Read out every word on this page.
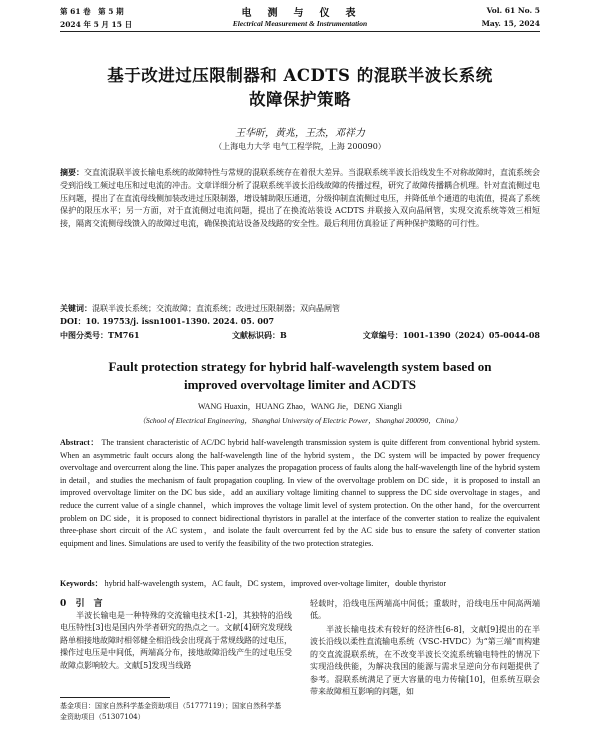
第 61 卷　第 5 期	电　测　与　仪　表	Vol. 61 No. 5
2024 年 5 月 15 日	Electrical Measurement & Instrumentation	May. 15, 2024
基于改进过压限制器和 ACDTS 的混联半波长系统
故障保护策略
王华昕，黄兆，王杰，邓祥力
（上海电力大学 电气工程学院，上海 200090）
摘要：交直流混联半波长输电系统的故障特性与常规的混联系统存在着很大差异。当混联系统半波长沿线发生不对称故障时，直流系统会受到沿线工频过电压和过电流的冲击。文章详细分析了混联系统半波长沿线故障的传播过程，研究了故障传播耦合机理。针对直流侧过电压问题，提出了在直流母线侧加装改进过压限制器，增设辅助限压通道，分级抑制直流侧过电压，并降低单个通道的电流值，提高了系统保护的限压水平；另一方面，对于直流侧过电流问题，提出了在换流站装设 ACDTS 并联接入双向晶闸管，实现交流系统等效三相短接，隔离交流侧母线馈入的故障过电流，确保换流站设备及线路的安全性。最后利用仿真验证了两种保护策略的可行性。
关键词：混联半波长系统；交流故障；直流系统；改进过压限制器；双向晶闸管
DOI：10. 19753/j. issn1001-1390. 2024. 05. 007
中图分类号：TM761	文献标识码：B	文章编号：1001-1390（2024）05-0044-08
Fault protection strategy for hybrid half-wavelength system based on
improved overvoltage limiter and ACDTS
WANG Huaxin，HUANG Zhao，WANG Jie，DENG Xiangli
（School of Electrical Engineering，Shanghai University of Electric Power，Shanghai 200090，China）
Abstract： The transient characteristic of AC/DC hybrid half-wavelength transmission system is quite different from conventional hybrid system. When an asymmetric fault occurs along the half-wavelength line of the hybrid system，the DC system will be impacted by power frequency overvoltage and overcurrent along the line. This paper analyzes the propagation process of faults along the half-wavelength line of the hybrid system in detail，and studies the mechanism of fault propagation coupling. In view of the overvoltage problem on DC side，it is proposed to install an improved overvoltage limiter on the DC bus side，add an auxiliary voltage limiting channel to suppress the DC side overvoltage in stages，and reduce the current value of a single channel，which improves the voltage limit level of system protection. On the other hand，for the overcurrent problem on DC side，it is proposed to connect bidirectional thyristors in parallel at the interface of the converter station to realize the equivalent three-phase short circuit of the AC system，and isolate the fault overcurrent fed by the AC side bus to ensure the safety of converter station equipment and lines. Simulations are used to verify the feasibility of the two protection strategies.
Keywords： hybrid half-wavelength system，AC fault，DC system，improved over-voltage limiter，double thyristor
0 引　言
半波长输电是一种特殊的交流输电技术[1-2]，其独特的沿线电压特性[3]也是国内外学者研究的热点之一。文献[4]研究发现线路单相接地故障时相邻健全相沿线会出现高于常规线路的过电压，操作过电压是中间低，两端高分布，接地故障沿线产生的过电压受故障点影响较大。文献[5]发现当线路
轻载时，沿线电压两端高中间低；重载时，沿线电压中间高两端低。
半波长输电技术有较好的经济性[6-8]，文献[9]提出的在半波长沿线以柔性直流输电系统（VSC-HVDC）为“第三端”而构建的交直流混联系统，在不改变半波长交流系统输电特性的情况下实现沿线供能，为解决我国的能源与需求呈逆向分布问题提供了参考。混联系统满足了更大容量的电力传输[10]，但系统互联会带来故障相互影响的问题，如
基金项目：国家自然科学基金资助项目（51777119）；国家自然科学基金资助项目（51307104）
